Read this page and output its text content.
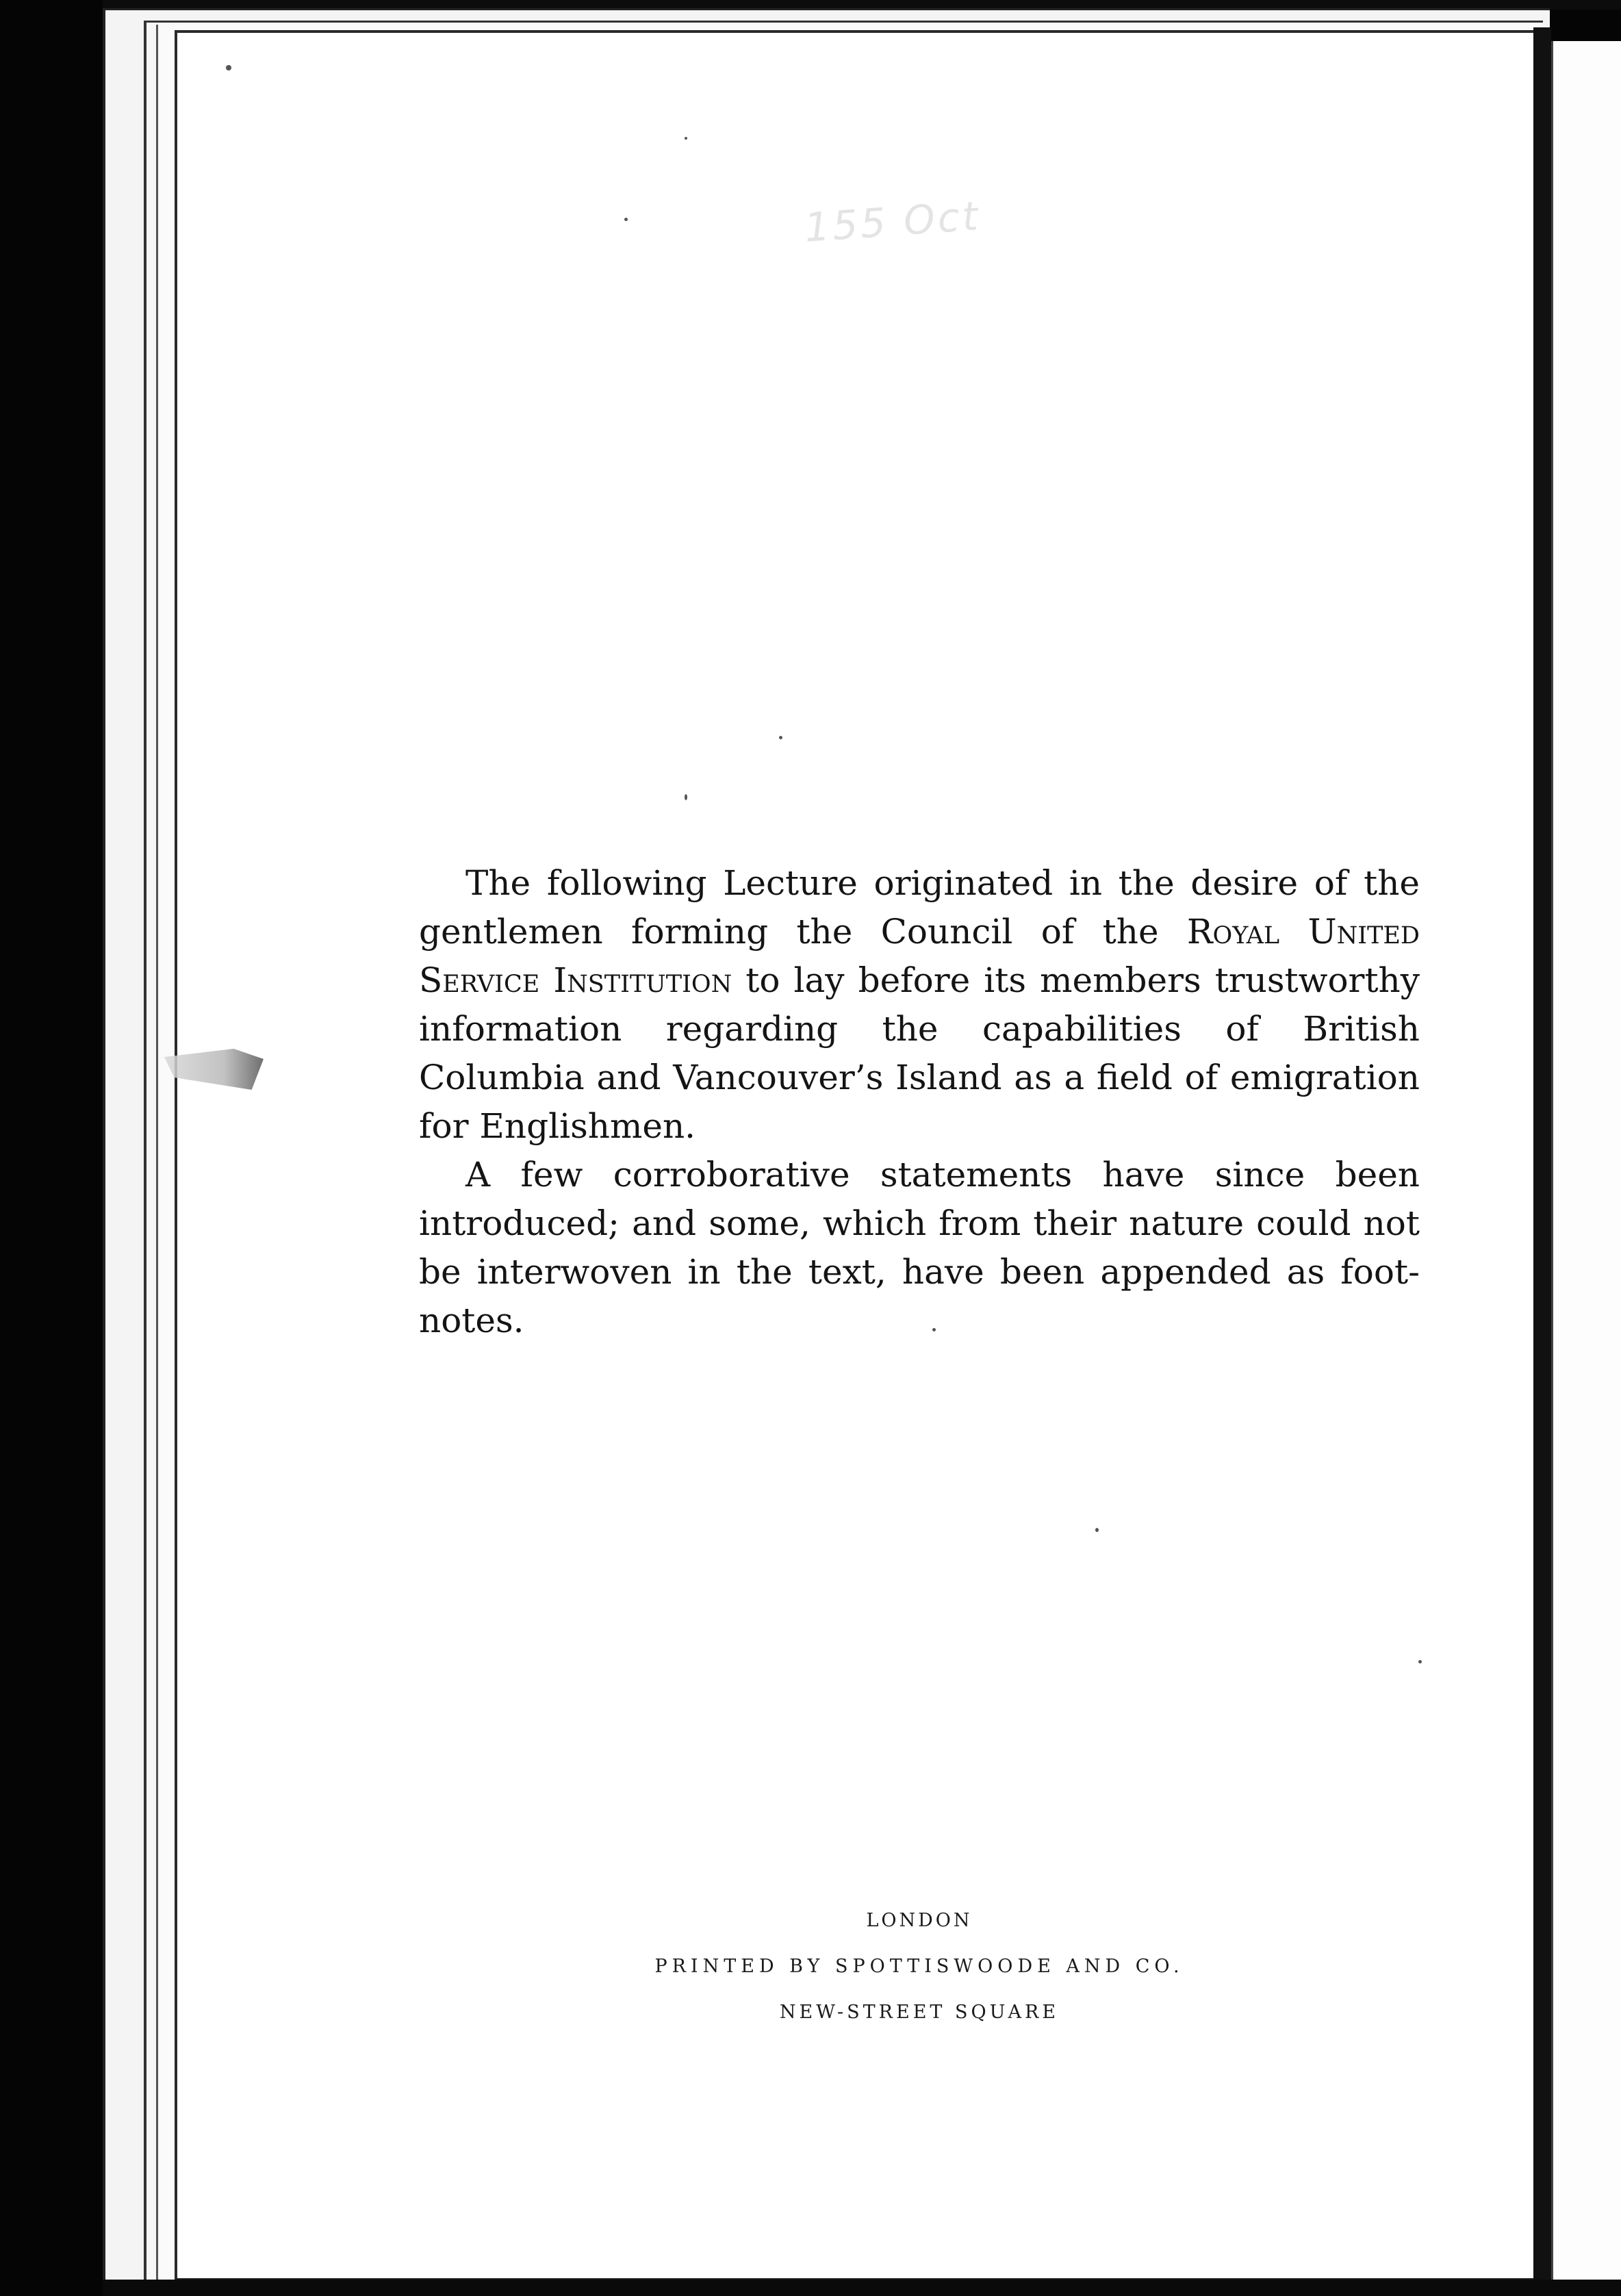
155 Oct

The following Lecture originated in the desire of the gentlemen forming the Council of the Royal United Service Institution to lay before its members trustworthy information regarding the capabilities of British Columbia and Vancouver’s Island as a field of emigration for Englishmen.

A few corroborative statements have since been introduced; and some, which from their nature could not be interwoven in the text, have been appended as foot-notes.

LONDON
PRINTED BY SPOTTISWOODE AND CO.
NEW-STREET SQUARE
